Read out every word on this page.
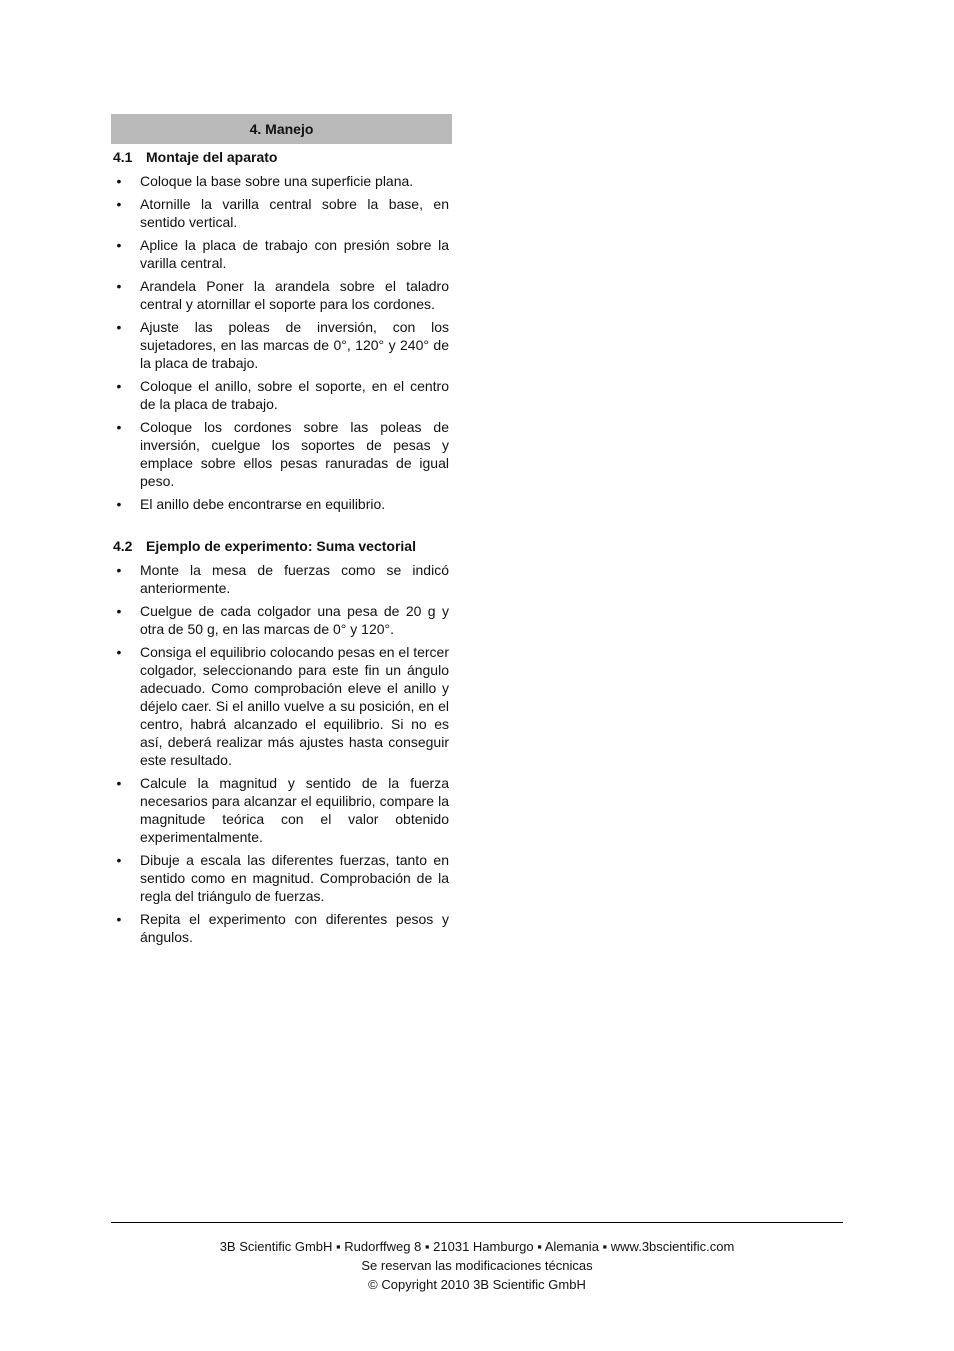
4. Manejo
4.1 Montaje del aparato
• Coloque la base sobre una superficie plana.
• Atornille la varilla central sobre la base, en sentido vertical.
• Aplice la placa de trabajo con presión sobre la varilla central.
• Arandela Poner la arandela sobre el taladro central y atornillar el soporte para los cordones.
• Ajuste las poleas de inversión, con los sujetadores, en las marcas de 0°, 120° y 240° de la placa de trabajo.
• Coloque el anillo, sobre el soporte, en el centro de la placa de trabajo.
• Coloque los cordones sobre las poleas de inversión, cuelgue los soportes de pesas y emplace sobre ellos pesas ranuradas de igual peso.
• El anillo debe encontrarse en equilibrio.
4.2 Ejemplo de experimento: Suma vectorial
• Monte la mesa de fuerzas como se indicó anteriormente.
• Cuelgue de cada colgador una pesa de 20 g y otra de 50 g, en las marcas de 0° y 120°.
• Consiga el equilibrio colocando pesas en el tercer colgador, seleccionando para este fin un ángulo adecuado. Como comprobación eleve el anillo y déjelo caer. Si el anillo vuelve a su posición, en el centro, habrá alcanzado el equilibrio. Si no es así, deberá realizar más ajustes hasta conseguir este resultado.
• Calcule la magnitud y sentido de la fuerza necesarios para alcanzar el equilibrio, compare la magnitude teórica con el valor obtenido experimentalmente.
• Dibuje a escala las diferentes fuerzas, tanto en sentido como en magnitud. Comprobación de la regla del triángulo de fuerzas.
• Repita el experimento con diferentes pesos y ángulos.
3B Scientific GmbH ▪ Rudorffweg 8 ▪ 21031 Hamburgo ▪ Alemania ▪ www.3bscientific.com
Se reservan las modificaciones técnicas
© Copyright 2010 3B Scientific GmbH
